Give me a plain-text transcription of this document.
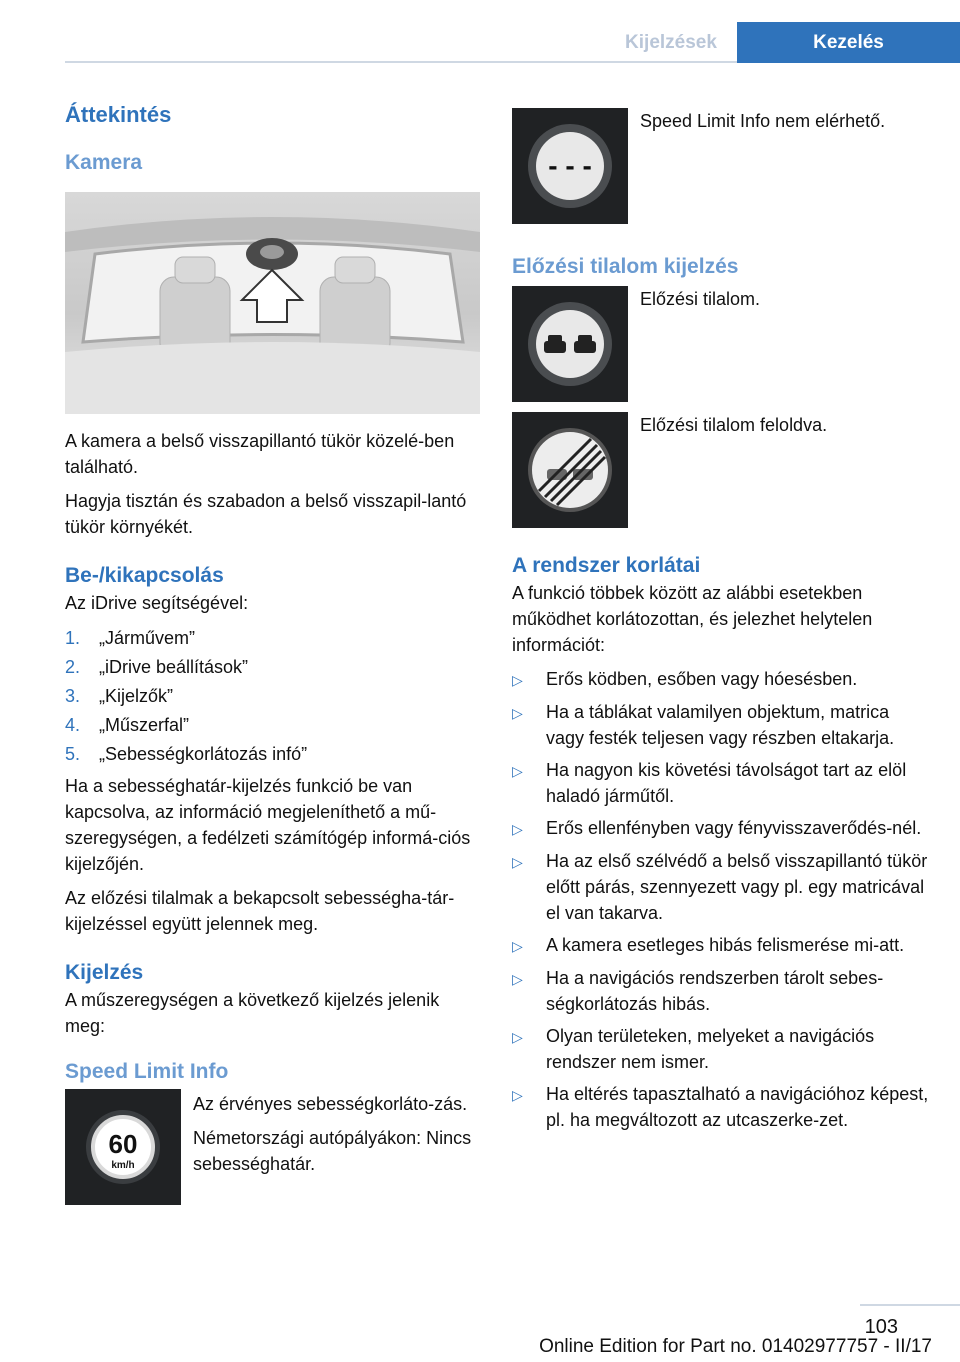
Kijelzések	Kezelés
Áttekintés
Kamera

A kamera a belső visszapillantó tükör közelé-ben található.

Hagyja tisztán és szabadon a belső visszapil-lantó tükör környékét.

Be-/kikapcsolás

Az iDrive segítségével:

1.	„Járművem”
2.	„iDrive beállítások”
3.	„Kijelzők”
4.	„Műszerfal”
5.	„Sebességkorlátozás infó”

Ha a sebességhatár-kijelzés funkció be van kapcsolva, az információ megjeleníthető a mű-szeregységen, a fedélzeti számítógép informá-ciós kijelzőjén.

Az előzési tilalmak a bekapcsolt sebességha-tár-kijelzéssel együtt jelennek meg.

Kijelzés

A műszeregységen a következő kijelzés jelenik meg:

Speed Limit Info
60
km/h

Az érvényes sebességkorláto-zás.

Németországi autópályákon: Nincs sebességhatár.

- - -

Speed Limit Info nem elérhető.

Előzési tilalom kijelzés

Előzési tilalom.

Előzési tilalom feloldva.

A rendszer korlátai

A funkció többek között az alábbi esetekben működhet korlátozottan, és jelezhet helytelen információt:

▷	Erős ködben, esőben vagy hóesésben.
▷	Ha a táblákat valamilyen objektum, matrica vagy festék teljesen vagy részben eltakarja.
▷	Ha nagyon kis követési távolságot tart az elöl haladó járműtől.
▷	Erős ellenfényben vagy fényvisszaverődés-nél.
▷	Ha az első szélvédő a belső visszapillantó tükör előtt párás, szennyezett vagy pl. egy matricával el van takarva.
▷	A kamera esetleges hibás felismerése mi-att.
▷	Ha a navigációs rendszerben tárolt sebes-ségkorlátozás hibás.
▷	Olyan területeken, melyeket a navigációs rendszer nem ismer.
▷	Ha eltérés tapasztalható a navigációhoz képest, pl. ha megváltozott az utcaszerke-zet.
103
Online Edition for Part no. 01402977757 - II/17
